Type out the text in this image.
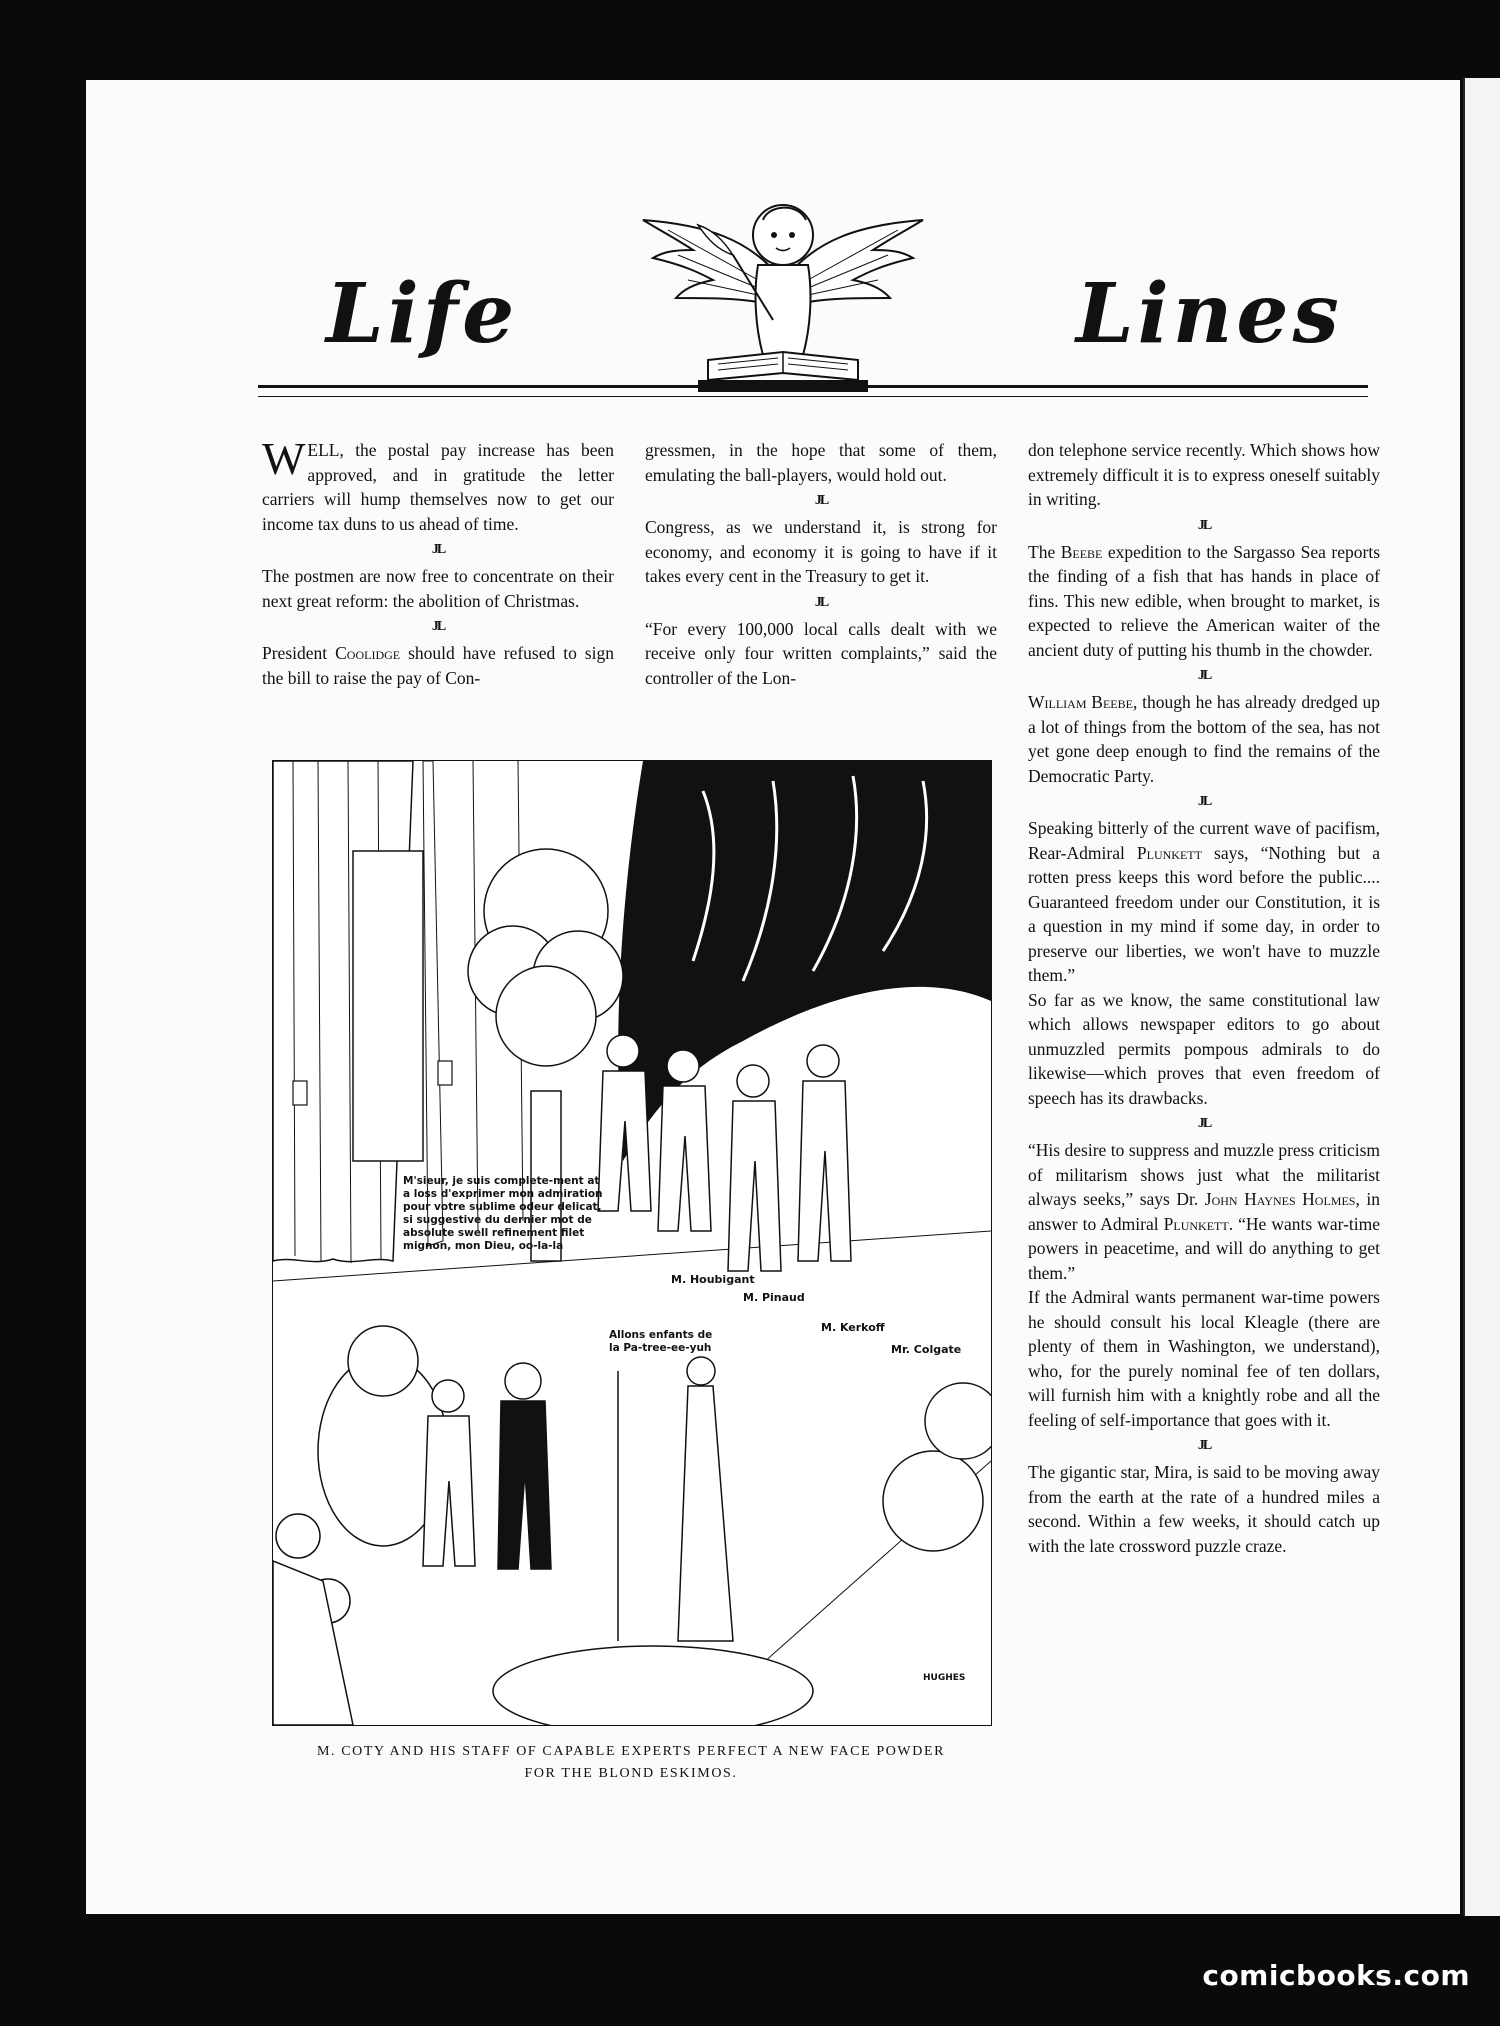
Life	Lines

WELL, the postal pay increase has been approved, and in gratitude the letter carriers will hump themselves now to get our income tax duns to us ahead of time.

JL

The postmen are now free to concentrate on their next great reform: the abolition of Christmas.

JL

President Coolidge should have refused to sign the bill to raise the pay of Con-

gressmen, in the hope that some of them, emulating the ball-players, would hold out.

JL

Congress, as we understand it, is strong for economy, and economy it is going to have if it takes every cent in the Treasury to get it.

JL

“For every 100,000 local calls dealt with we receive only four written complaints,” said the controller of the Lon-

don telephone service recently. Which shows how extremely difficult it is to express oneself suitably in writing.

JL

The Beebe expedition to the Sargasso Sea reports the finding of a fish that has hands in place of fins. This new edible, when brought to market, is expected to relieve the American waiter of the ancient duty of putting his thumb in the chowder.

JL

William Beebe, though he has already dredged up a lot of things from the bottom of the sea, has not yet gone deep enough to find the remains of the Democratic Party.

JL

Speaking bitterly of the current wave of pacifism, Rear-Admiral Plunkett says, “Nothing but a rotten press keeps this word before the public.... Guaranteed freedom under our Constitution, it is a question in my mind if some day, in order to preserve our liberties, we won't have to muzzle them.”

So far as we know, the same constitutional law which allows newspaper editors to go about unmuzzled permits pompous admirals to do likewise—which proves that even freedom of speech has its drawbacks.

JL

“His desire to suppress and muzzle press criticism of militarism shows just what the militarist always seeks,” says Dr. John Haynes Holmes, in answer to Admiral Plunkett. “He wants war-time powers in peacetime, and will do anything to get them.”

If the Admiral wants permanent war-time powers he should consult his local Kleagle (there are plenty of them in Washington, we understand), who, for the purely nominal fee of ten dollars, will furnish him with a knightly robe and all the feeling of self-importance that goes with it.

JL

The gigantic star, Mira, is said to be moving away from the earth at the rate of a hundred miles a second. Within a few weeks, it should catch up with the late crossword puzzle craze.

M'sieur, je suis complete-ment at a loss d'exprimer mon admiration pour votre sublime odeur delicat, si suggestive du dernier mot de absolute swell refinement filet mignon, mon Dieu, oo-la-la
Allons enfants de la Pa-tree-ee-yuh
M. Houbigant
M. Pinaud
M. Kerkoff
Mr. Colgate
HUGHES
M. COTY AND HIS STAFF OF CAPABLE EXPERTS PERFECT A NEW FACE POWDER
FOR THE BLOND ESKIMOS.
comicbooks.com
